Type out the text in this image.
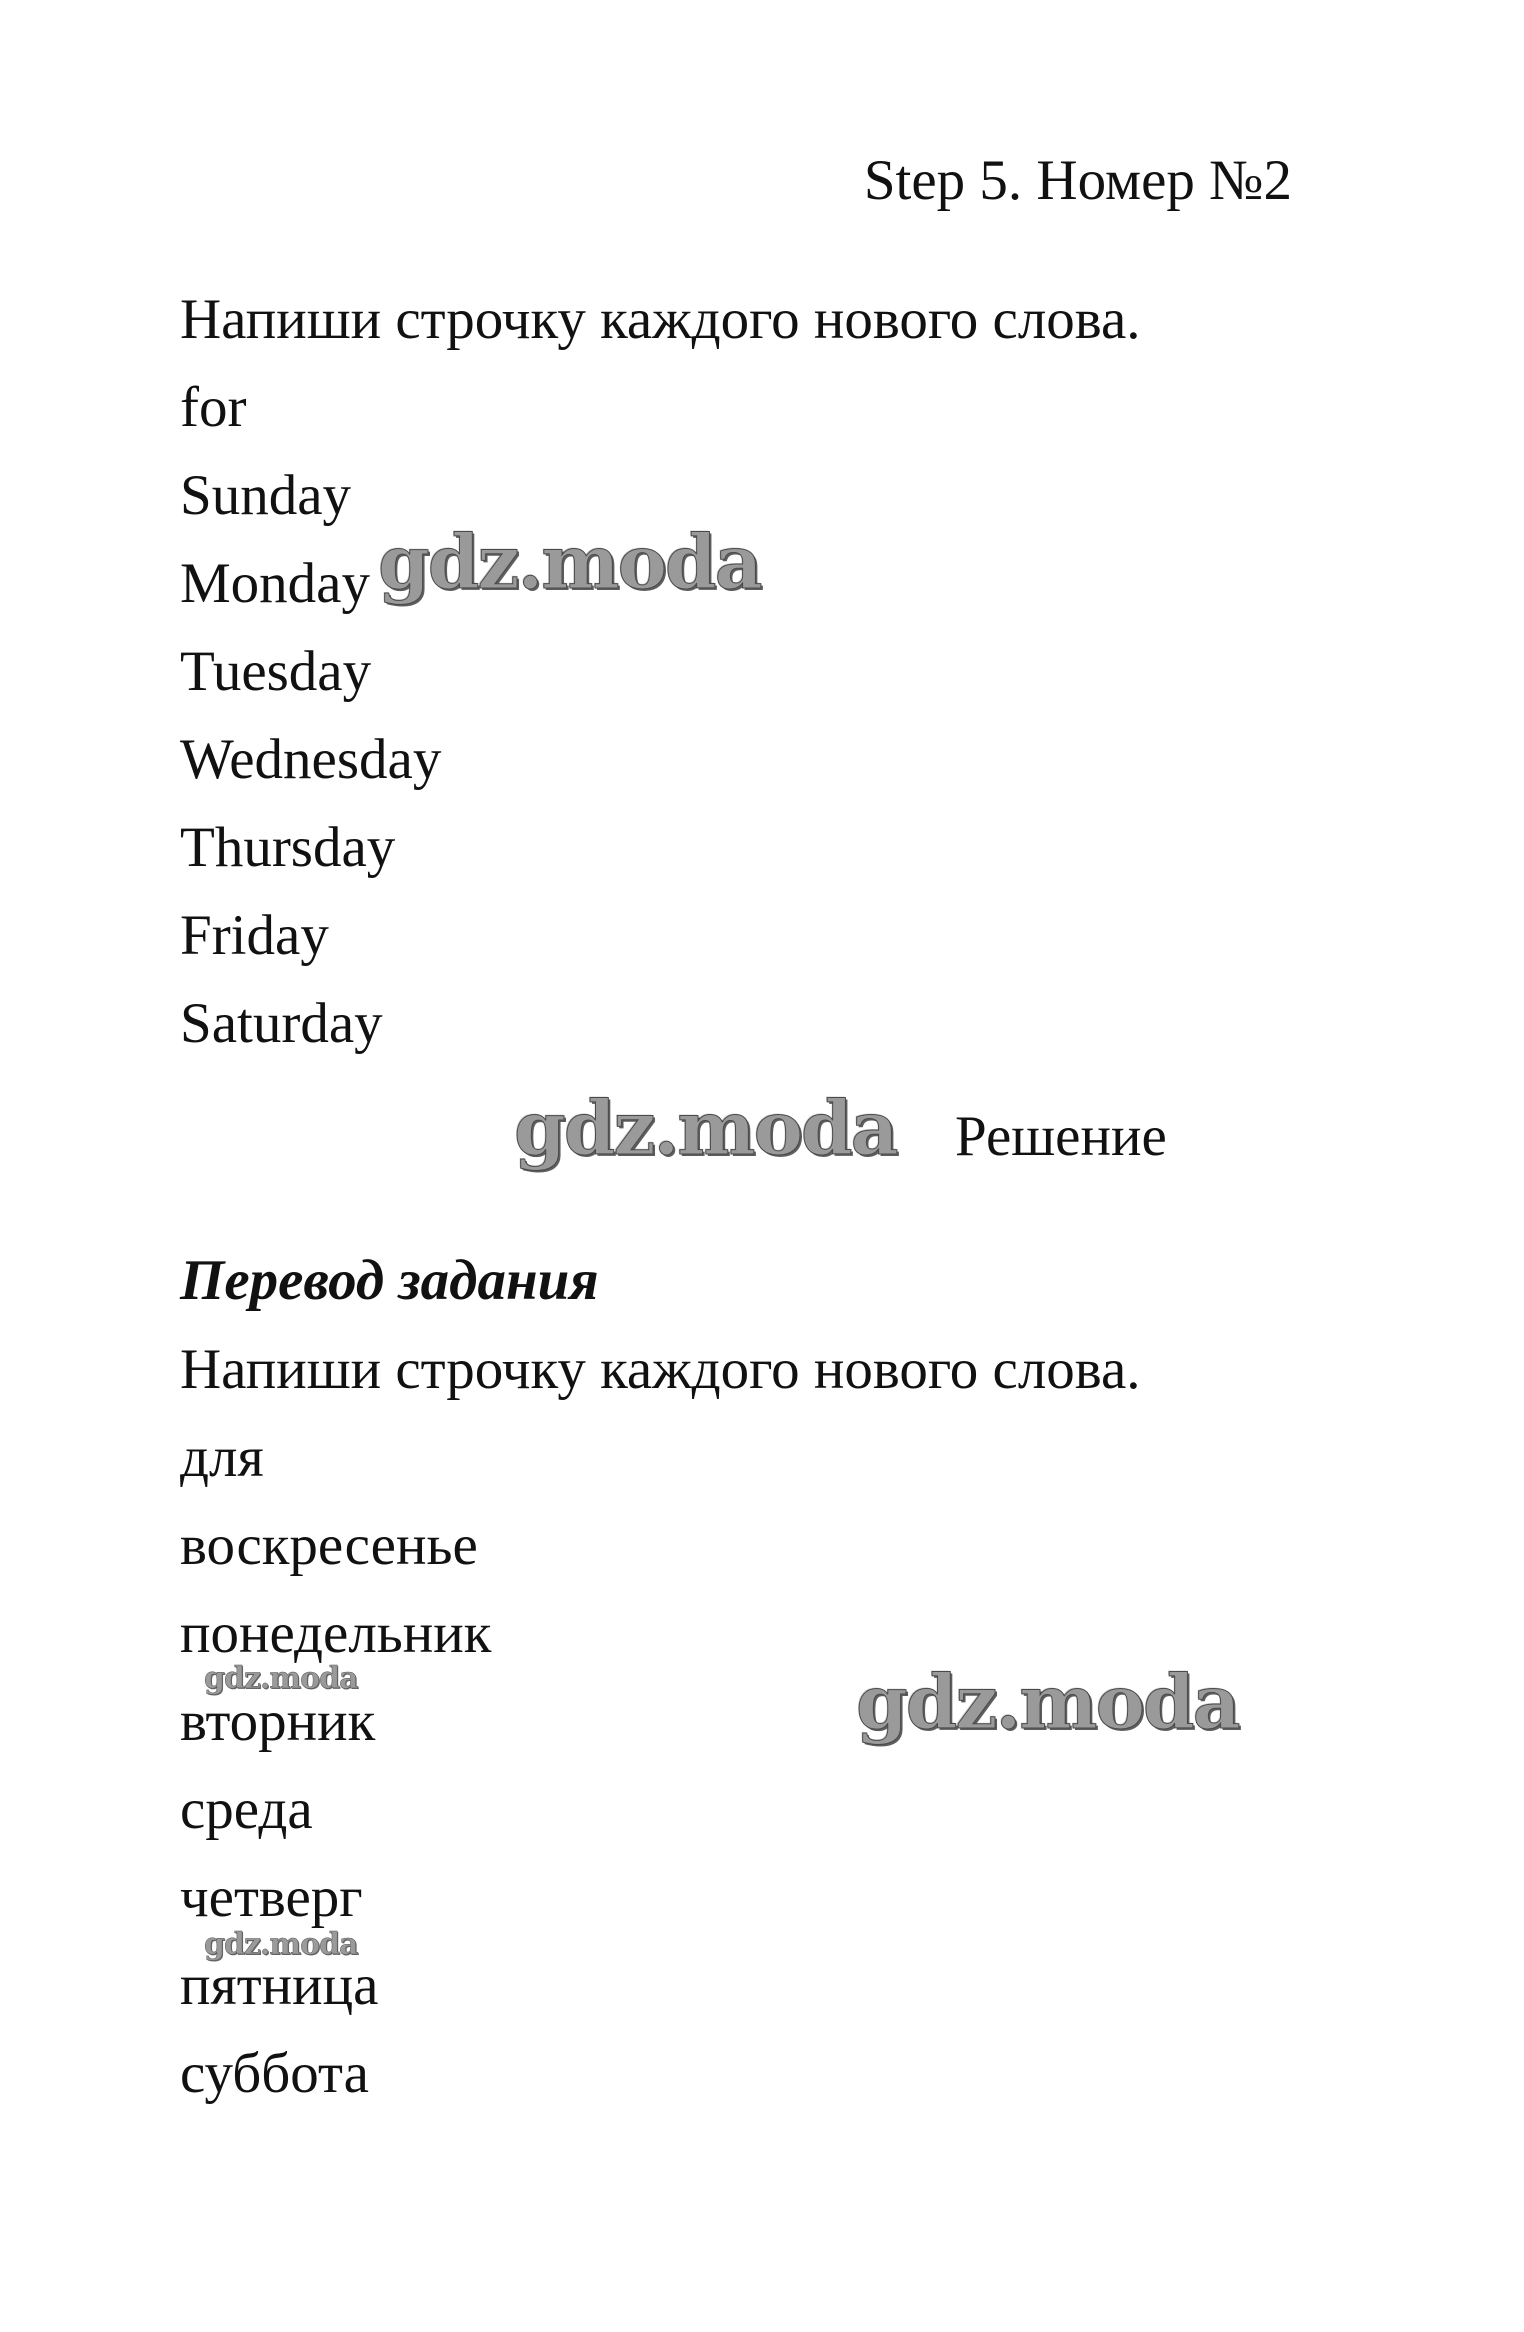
Step 5. Номер №2
Напиши строчку каждого нового слова.
for
Sunday
Monday
Tuesday
Wednesday
Thursday
Friday
Saturday
Решение
Перевод задания
Напиши строчку каждого нового слова.
для
воскресенье
понедельник
вторник
среда
четверг
пятница
суббота
gdz.moda
gdz.moda
gdz.moda
gdz.moda
gdz.moda
